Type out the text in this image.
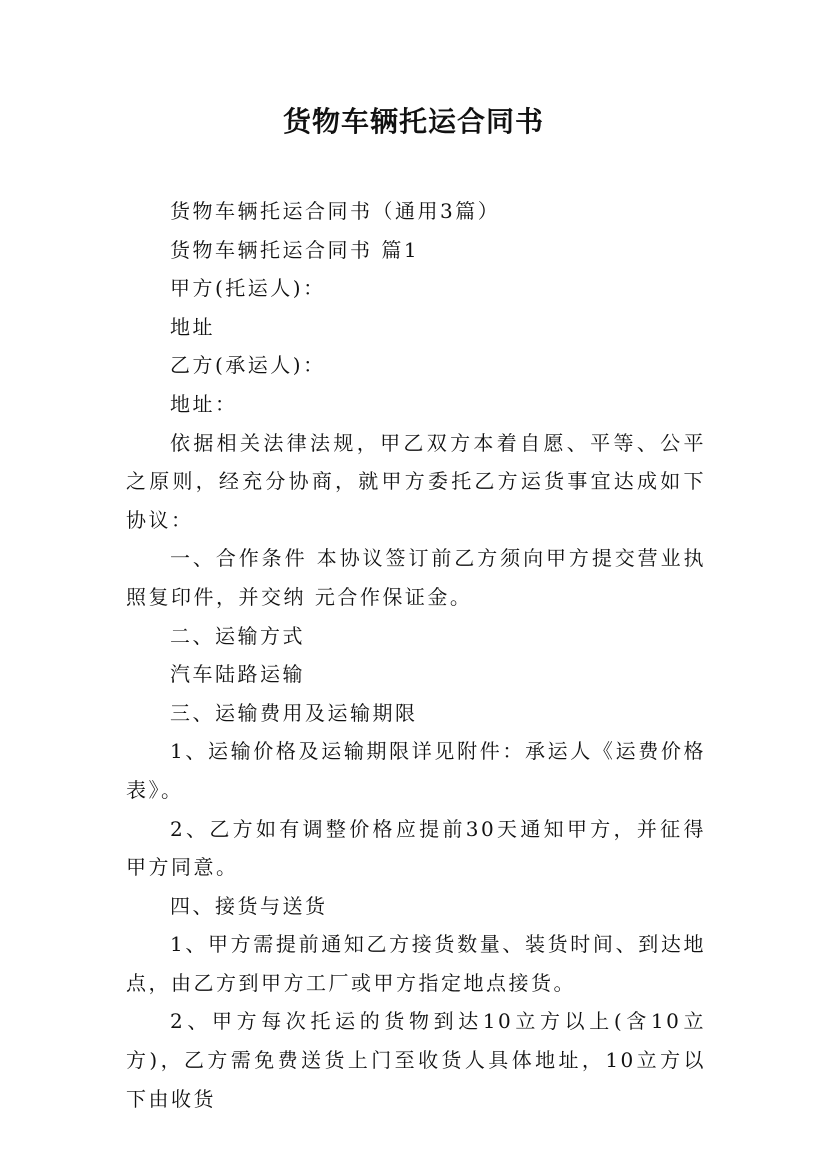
货物车辆托运合同书

货物车辆托运合同书（通用3篇）

货物车辆托运合同书 篇1

甲方(托运人)：

地址

乙方(承运人)：

地址：

依据相关法律法规，甲乙双方本着自愿、平等、公平之原则，经充分协商，就甲方委托乙方运货事宜达成如下协议：

一、合作条件 本协议签订前乙方须向甲方提交营业执照复印件，并交纳 元合作保证金。

二、运输方式

汽车陆路运输

三、运输费用及运输期限

1、运输价格及运输期限详见附件：承运人《运费价格表》。

2、乙方如有调整价格应提前30天通知甲方，并征得甲方同意。

四、接货与送货

1、甲方需提前通知乙方接货数量、装货时间、到达地点，由乙方到甲方工厂或甲方指定地点接货。

2、甲方每次托运的货物到达10立方以上(含10立方)，乙方需免费送货上门至收货人具体地址，10立方以下由收货
